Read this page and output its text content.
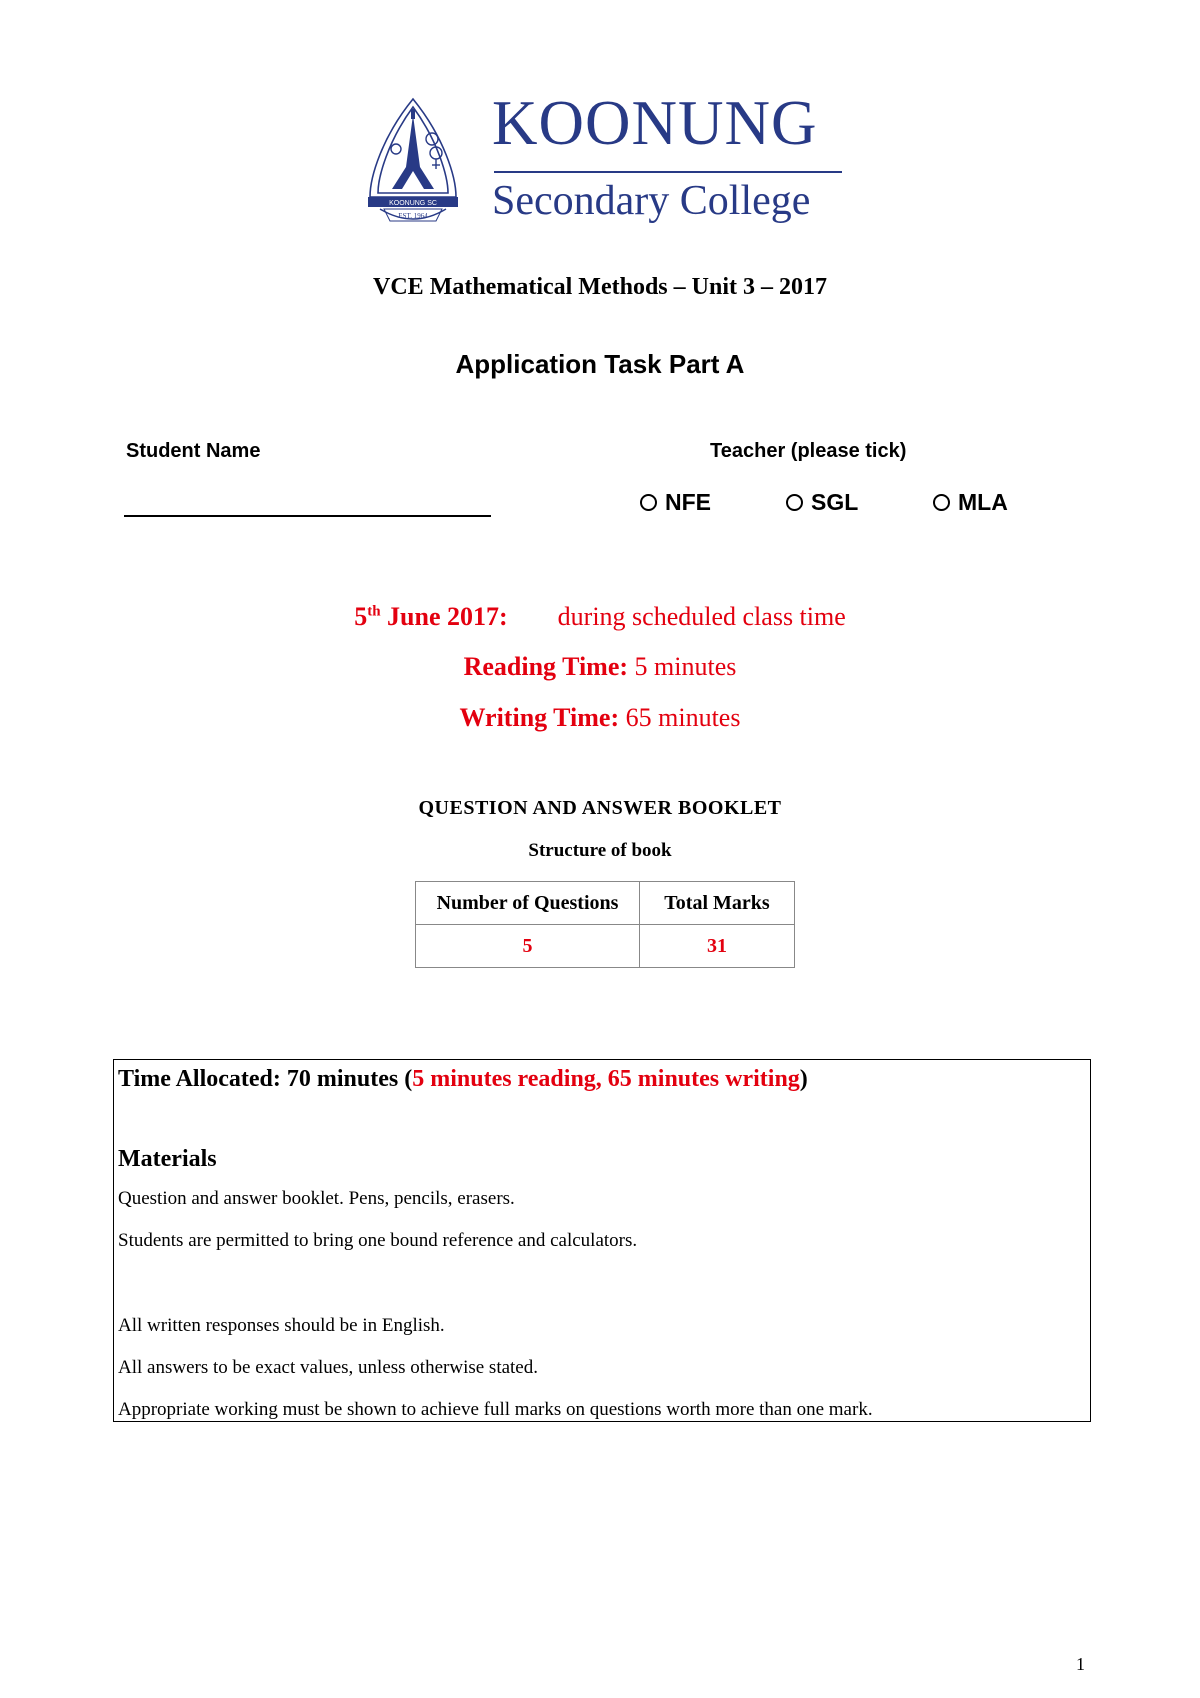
KOONUNG SC
EST. 1964
KOONUNG
Secondary College
VCE Mathematical Methods – Unit 3 – 2017
Application Task Part A
Student Name	Teacher (please tick)
NFE	SGL	MLA
5th June 2017: during scheduled class time
Reading Time: 5 minutes
Writing Time: 65 minutes
QUESTION AND ANSWER BOOKLET
Structure of book
Number of Questions	Total Marks
5	31
Time Allocated: 70 minutes (5 minutes reading, 65 minutes writing)
Materials
Question and answer booklet. Pens, pencils, erasers.
Students are permitted to bring one bound reference and calculators.
All written responses should be in English.
All answers to be exact values, unless otherwise stated.
Appropriate working must be shown to achieve full marks on questions worth more than one mark.
1
